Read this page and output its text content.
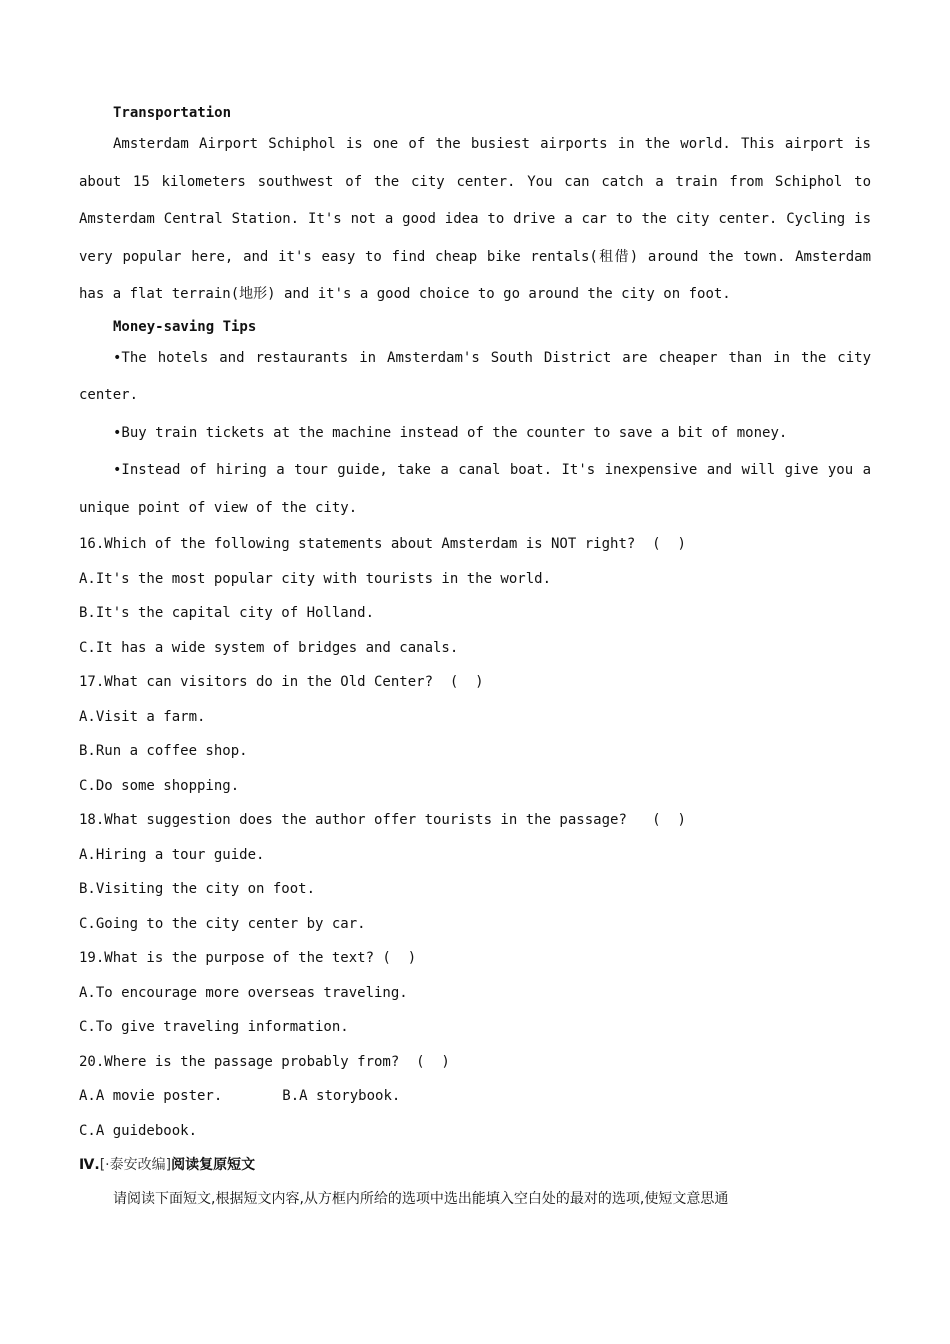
Transportation

Amsterdam Airport Schiphol is one of the busiest airports in the world. This airport is about 15 kilometers southwest of the city center. You can catch a train from Schiphol to Amsterdam Central Station. It's not a good idea to drive a car to the city center. Cycling is very popular here, and it's easy to find cheap bike rentals(租借) around the town. Amsterdam has a flat terrain(地形) and it's a good choice to go around the city on foot.

Money-saving Tips

•The hotels and restaurants in Amsterdam's South District are cheaper than in the city center.

•Buy train tickets at the machine instead of the counter to save a bit of money.

•Instead of hiring a tour guide, take a canal boat. It's inexpensive and will give you a unique point of view of the city.

16.Which of the following statements about Amsterdam is NOT right?  (  )
A.It's the most popular city with tourists in the world.
B.It's the capital city of Holland.
C.It has a wide system of bridges and canals.
17.What can visitors do in the Old Center?  (  )
A.Visit a farm.
B.Run a coffee shop.
C.Do some shopping.
18.What suggestion does the author offer tourists in the passage?   (  )
A.Hiring a tour guide.
B.Visiting the city on foot.
C.Going to the city center by car.
19.What is the purpose of the text? (  )
A.To encourage more overseas traveling.
C.To give traveling information.
20.Where is the passage probably from?  (  )
A.A movie poster.	B.A storybook.
C.A guidebook.
Ⅳ.[·泰安改编]阅读复原短文
请阅读下面短文,根据短文内容,从方框内所给的选项中选出能填入空白处的最对的选项,使短文意思通
